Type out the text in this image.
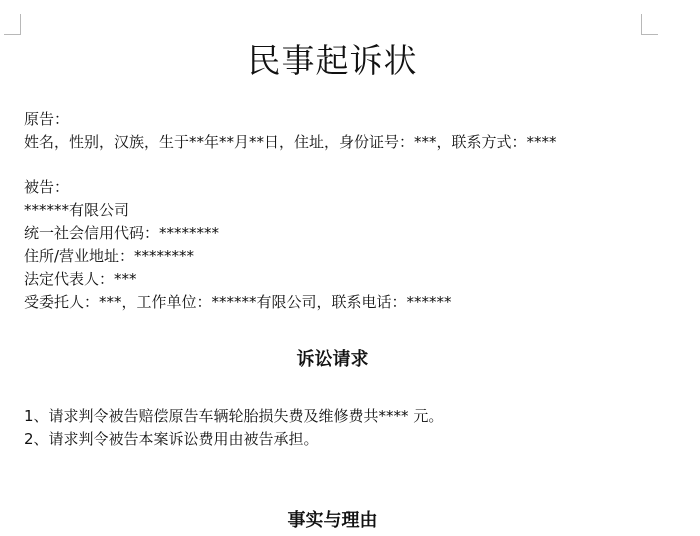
民事起诉状
原告：
姓名，性别，汉族，生于**年**月**日，住址，身份证号：***，联系方式：****
被告：
******有限公司
统一社会信用代码：********
住所/营业地址：********
法定代表人：***
受委托人：***，工作单位：******有限公司，联系电话：******
诉讼请求
1、请求判令被告赔偿原告车辆轮胎损失费及维修费共**** 元。
2、请求判令被告本案诉讼费用由被告承担。
事实与理由
